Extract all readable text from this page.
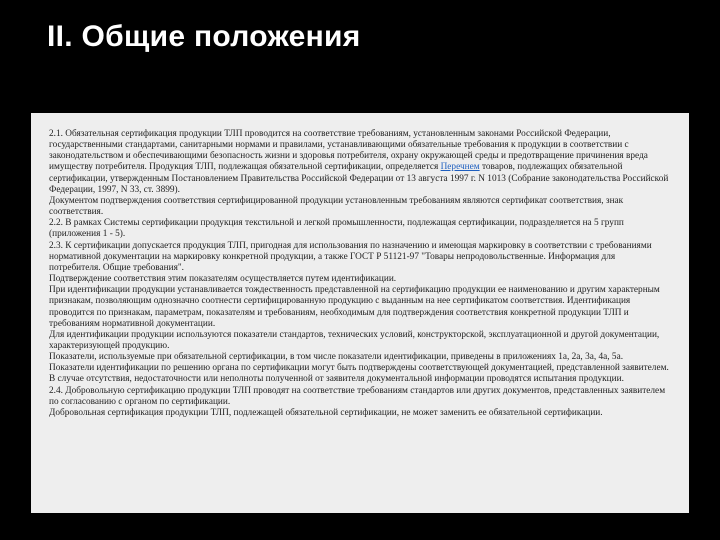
II. Общие положения

2.1. Обязательная сертификация продукции ТЛП проводится на соответствие требованиям, установленным законами Российской Федерации, государственными стандартами, санитарными нормами и правилами, устанавливающими обязательные требования к продукции в соответствии с законодательством и обеспечивающими безопасность жизни и здоровья потребителя, охрану окружающей среды и предотвращение причинения вреда имуществу потребителя. Продукция ТЛП, подлежащая обязательной сертификации, определяется Перечнем товаров, подлежащих обязательной сертификации, утвержденным Постановлением Правительства Российской Федерации от 13 августа 1997 г. N 1013 (Собрание законодательства Российской Федерации, 1997, N 33, ст. 3899).

Документом подтверждения соответствия сертифицированной продукции установленным требованиям являются сертификат соответствия, знак соответствия.

2.2. В рамках Системы сертификации продукция текстильной и легкой промышленности, подлежащая сертификации, подразделяется на 5 групп (приложения 1 - 5).

2.3. К сертификации допускается продукция ТЛП, пригодная для использования по назначению и имеющая маркировку в соответствии с требованиями нормативной документации на маркировку конкретной продукции, а также ГОСТ Р 51121-97 "Товары непродовольственные. Информация для потребителя. Общие требования".

Подтверждение соответствия этим показателям осуществляется путем идентификации.

При идентификации продукции устанавливается тождественность представленной на сертификацию продукции ее наименованию и другим характерным признакам, позволяющим однозначно соотнести сертифицированную продукцию с выданным на нее сертификатом соответствия. Идентификация проводится по признакам, параметрам, показателям и требованиям, необходимым для подтверждения соответствия конкретной продукции ТЛП и требованиям нормативной документации.

Для идентификации продукции используются показатели стандартов, технических условий, конструкторской, эксплуатационной и другой документации, характеризующей продукцию.

Показатели, используемые при обязательной сертификации, в том числе показатели идентификации, приведены в приложениях 1а, 2а, 3а, 4а, 5а. Показатели идентификации по решению органа по сертификации могут быть подтверждены соответствующей документацией, представленной заявителем. В случае отсутствия, недостаточности или неполноты полученной от заявителя документальной информации проводятся испытания продукции.

2.4. Добровольную сертификацию продукции ТЛП проводят на соответствие требованиям стандартов или других документов, представленных заявителем по согласованию с органом по сертификации.

Добровольная сертификация продукции ТЛП, подлежащей обязательной сертификации, не может заменить ее обязательной сертификации.
